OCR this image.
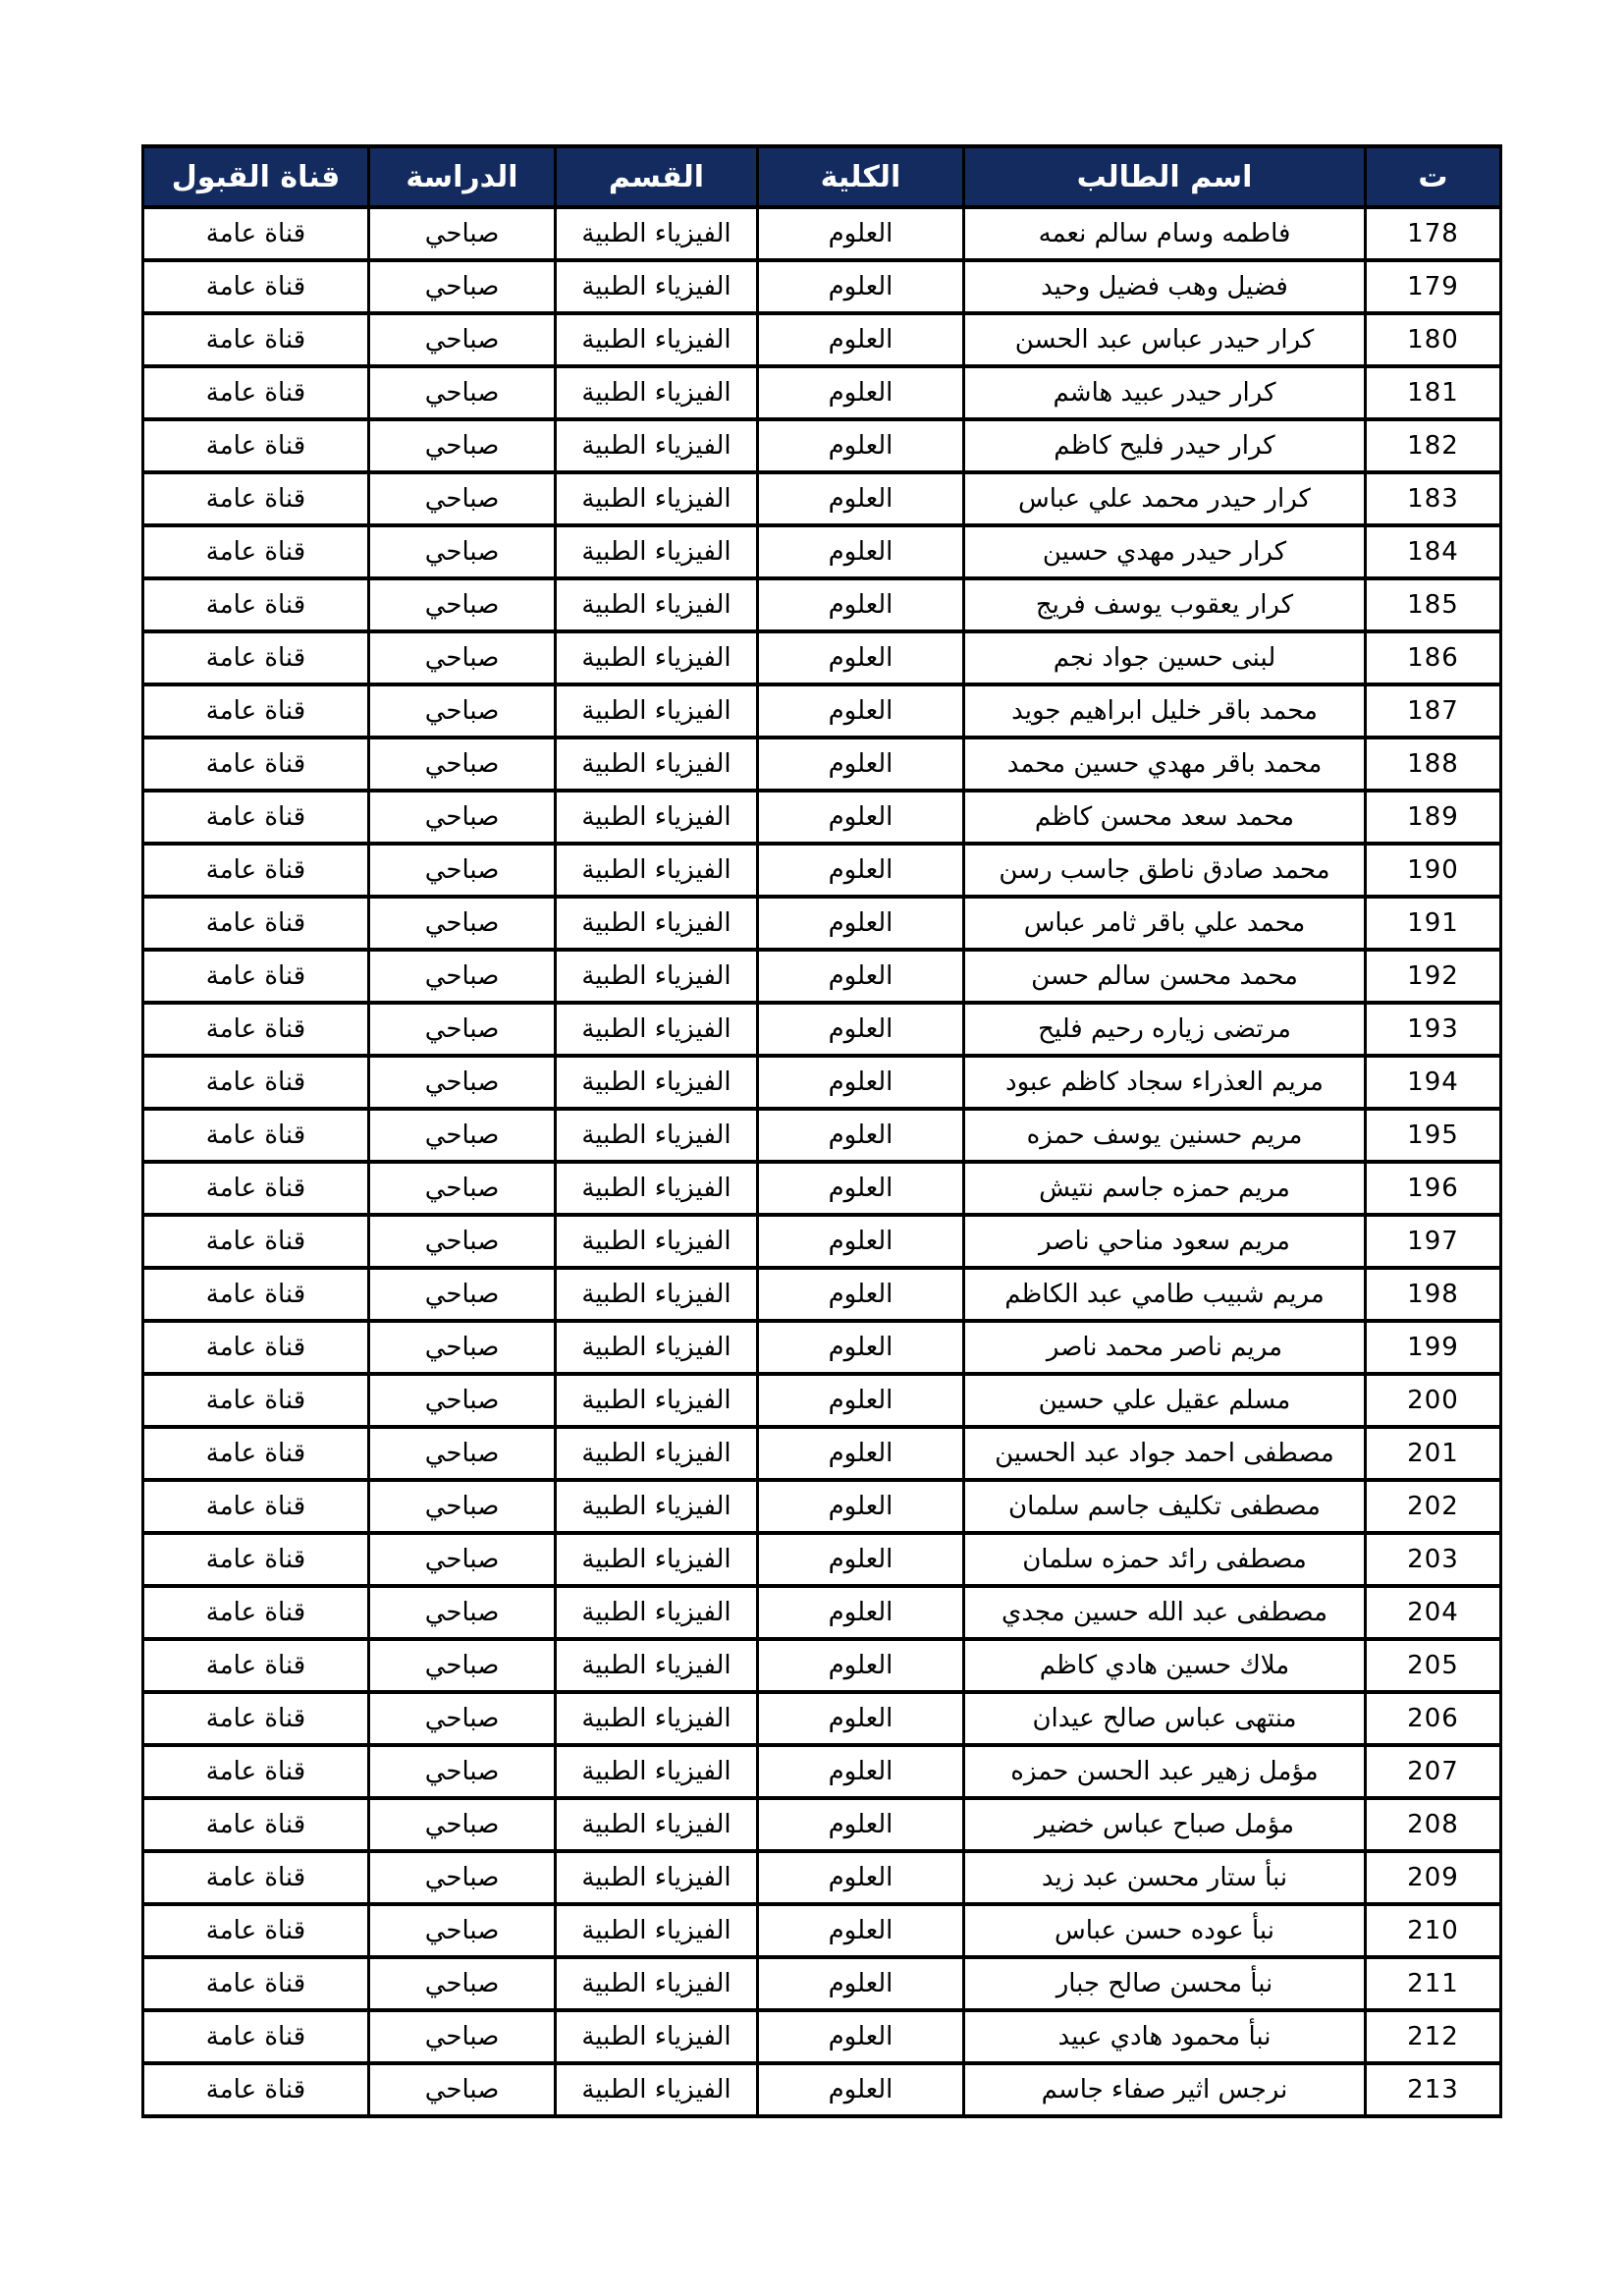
ت	اسم الطالب	الكلية	القسم	الدراسة	قناة القبول
178	فاطمه وسام سالم نعمه	العلوم	الفيزياء الطبية	صباحي	قناة عامة
179	فضيل وهب فضيل وحيد	العلوم	الفيزياء الطبية	صباحي	قناة عامة
180	كرار حيدر عباس عبد الحسن	العلوم	الفيزياء الطبية	صباحي	قناة عامة
181	كرار حيدر عبيد هاشم	العلوم	الفيزياء الطبية	صباحي	قناة عامة
182	كرار حيدر فليح كاظم	العلوم	الفيزياء الطبية	صباحي	قناة عامة
183	كرار حيدر محمد علي عباس	العلوم	الفيزياء الطبية	صباحي	قناة عامة
184	كرار حيدر مهدي حسين	العلوم	الفيزياء الطبية	صباحي	قناة عامة
185	كرار يعقوب يوسف فريج	العلوم	الفيزياء الطبية	صباحي	قناة عامة
186	لبنى حسين جواد نجم	العلوم	الفيزياء الطبية	صباحي	قناة عامة
187	محمد باقر خليل ابراهيم جويد	العلوم	الفيزياء الطبية	صباحي	قناة عامة
188	محمد باقر مهدي حسين محمد	العلوم	الفيزياء الطبية	صباحي	قناة عامة
189	محمد سعد محسن كاظم	العلوم	الفيزياء الطبية	صباحي	قناة عامة
190	محمد صادق ناطق جاسب رسن	العلوم	الفيزياء الطبية	صباحي	قناة عامة
191	محمد علي باقر ثامر عباس	العلوم	الفيزياء الطبية	صباحي	قناة عامة
192	محمد محسن سالم حسن	العلوم	الفيزياء الطبية	صباحي	قناة عامة
193	مرتضى زياره رحيم فليح	العلوم	الفيزياء الطبية	صباحي	قناة عامة
194	مريم العذراء سجاد كاظم عبود	العلوم	الفيزياء الطبية	صباحي	قناة عامة
195	مريم حسنين يوسف حمزه	العلوم	الفيزياء الطبية	صباحي	قناة عامة
196	مريم حمزه جاسم نتيش	العلوم	الفيزياء الطبية	صباحي	قناة عامة
197	مريم سعود مناحي ناصر	العلوم	الفيزياء الطبية	صباحي	قناة عامة
198	مريم شبيب طامي عبد الكاظم	العلوم	الفيزياء الطبية	صباحي	قناة عامة
199	مريم ناصر محمد ناصر	العلوم	الفيزياء الطبية	صباحي	قناة عامة
200	مسلم عقيل علي حسين	العلوم	الفيزياء الطبية	صباحي	قناة عامة
201	مصطفى احمد جواد عبد الحسين	العلوم	الفيزياء الطبية	صباحي	قناة عامة
202	مصطفى تكليف جاسم سلمان	العلوم	الفيزياء الطبية	صباحي	قناة عامة
203	مصطفى رائد حمزه سلمان	العلوم	الفيزياء الطبية	صباحي	قناة عامة
204	مصطفى عبد الله حسين مجدي	العلوم	الفيزياء الطبية	صباحي	قناة عامة
205	ملاك حسين هادي كاظم	العلوم	الفيزياء الطبية	صباحي	قناة عامة
206	منتهى عباس صالح عيدان	العلوم	الفيزياء الطبية	صباحي	قناة عامة
207	مؤمل زهير عبد الحسن حمزه	العلوم	الفيزياء الطبية	صباحي	قناة عامة
208	مؤمل صباح عباس خضير	العلوم	الفيزياء الطبية	صباحي	قناة عامة
209	نبأ ستار محسن عبد زيد	العلوم	الفيزياء الطبية	صباحي	قناة عامة
210	نبأ عوده حسن عباس	العلوم	الفيزياء الطبية	صباحي	قناة عامة
211	نبأ محسن صالح جبار	العلوم	الفيزياء الطبية	صباحي	قناة عامة
212	نبأ محمود هادي عبيد	العلوم	الفيزياء الطبية	صباحي	قناة عامة
213	نرجس اثير صفاء جاسم	العلوم	الفيزياء الطبية	صباحي	قناة عامة
